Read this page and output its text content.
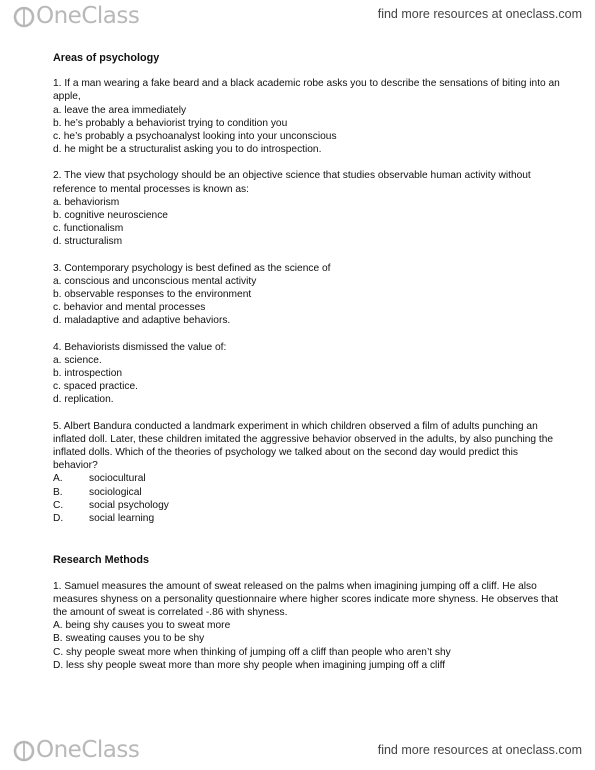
OneClass	find more resources at oneclass.com
Areas of psychology

1. If a man wearing a fake beard and a black academic robe asks you to describe the sensations of biting into an apple,

a. leave the area immediately

b. he’s probably a behaviorist trying to condition you

c. he’s probably a psychoanalyst looking into your unconscious

d. he might be a structuralist asking you to do introspection.

2. The view that psychology should be an objective science that studies observable human activity without reference to mental processes is known as:

a. behaviorism

b. cognitive neuroscience

c. functionalism

d. structuralism

3. Contemporary psychology is best defined as the science of

a. conscious and unconscious mental activity

b. observable responses to the environment

c. behavior and mental processes

d. maladaptive and adaptive behaviors.

4. Behaviorists dismissed the value of:

a. science.

b. introspection

c. spaced practice.

d. replication.

5. Albert Bandura conducted a landmark experiment in which children observed a film of adults punching an inflated doll. Later, these children imitated the aggressive behavior observed in the adults, by also punching the inflated dolls. Which of the theories of psychology we talked about on the second day would predict this behavior?

A.	sociocultural
B.	sociological
C.	social psychology
D.	social learning
Research Methods

1. Samuel measures the amount of sweat released on the palms when imagining jumping off a cliff. He also measures shyness on a personality questionnaire where higher scores indicate more shyness. He observes that the amount of sweat is correlated -.86 with shyness.

A. being shy causes you to sweat more

B. sweating causes you to be shy

C. shy people sweat more when thinking of jumping off a cliff than people who aren’t shy

D. less shy people sweat more than more shy people when imagining jumping off a cliff

OneClass	find more resources at oneclass.com
